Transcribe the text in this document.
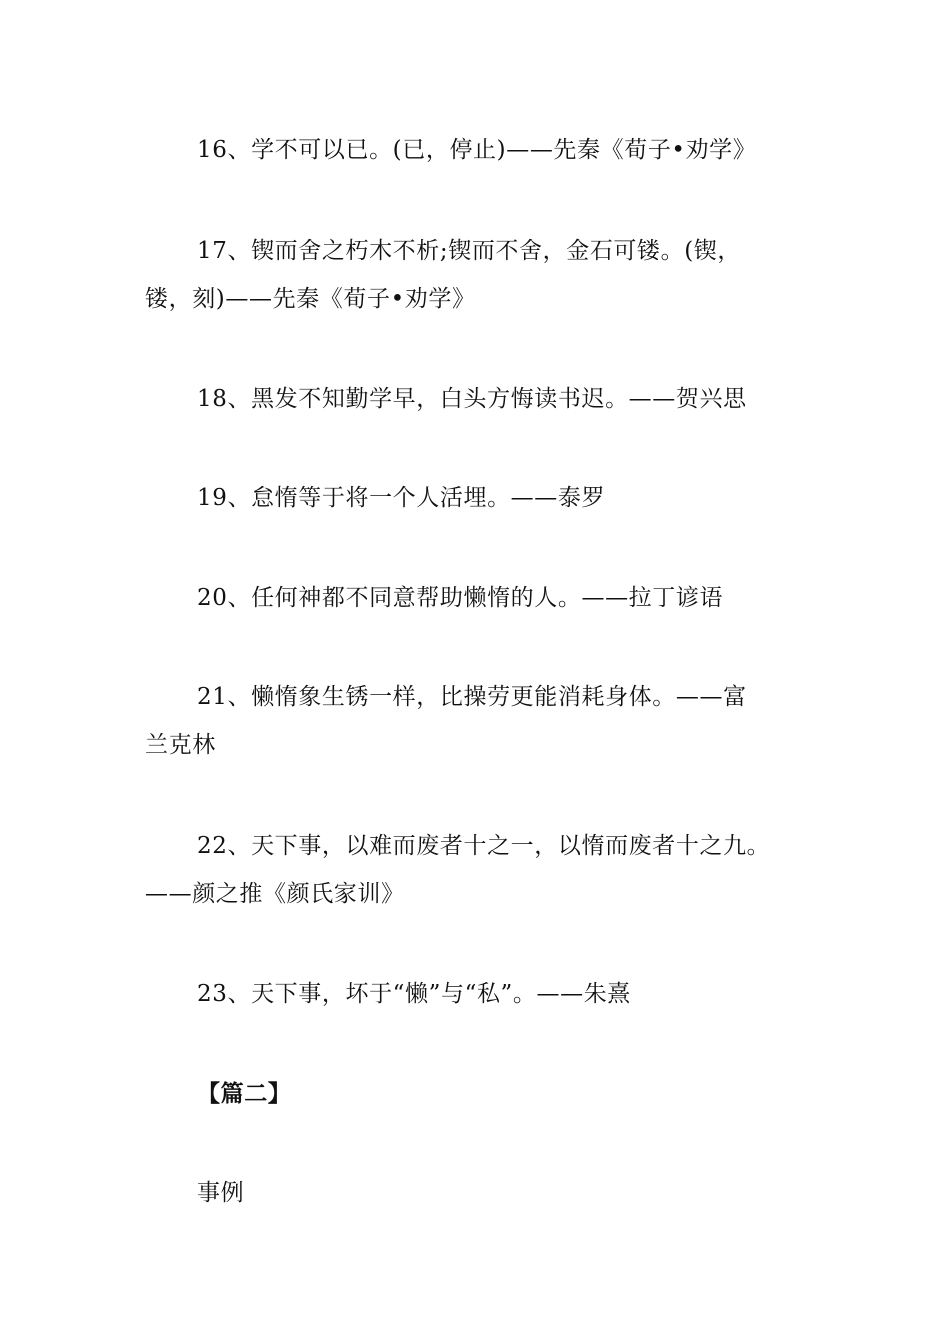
16、学不可以已。(已，停止)——先秦《荀子•劝学》
17、锲而舍之朽木不析;锲而不舍，金石可镂。(锲，
镂，刻)——先秦《荀子•劝学》
18、黑发不知勤学早，白头方悔读书迟。——贺兴思
19、怠惰等于将一个人活埋。——泰罗
20、任何神都不同意帮助懒惰的人。——拉丁谚语
21、懒惰象生锈一样，比操劳更能消耗身体。——富
兰克林
22、天下事，以难而废者十之一，以惰而废者十之九。
——颜之推《颜氏家训》
23、天下事，坏于“懒”与“私”。——朱熹
【篇二】
事例
